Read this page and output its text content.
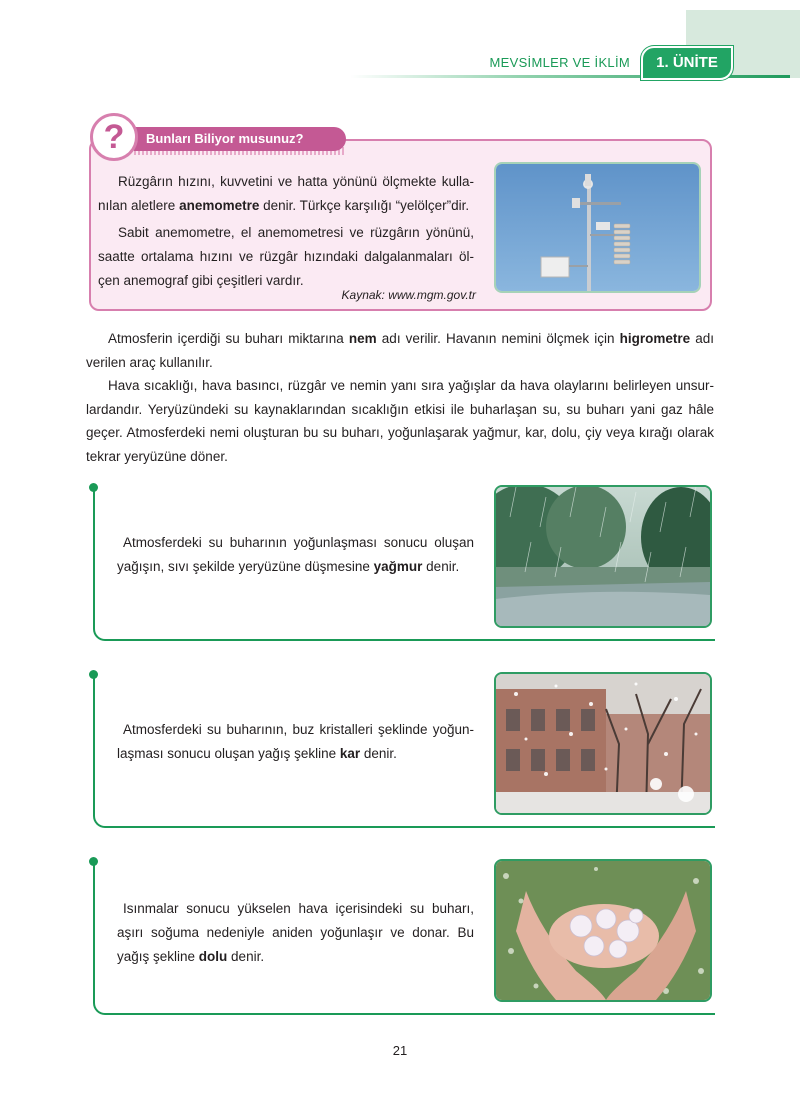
MEVSİMLER VE İKLİM	1. ÜNİTE
Bunları Biliyor musunuz?
?

Rüzgârın hızını, kuvvetini ve hatta yönünü ölçmekte kulla-nılan aletlere anemometre denir. Türkçe karşılığı “yelölçer”dir.

Sabit anemometre, el anemometresi ve rüzgârın yönünü, saatte ortalama hızını ve rüzgâr hızındaki dalgalanmaları öl-çen anemograf gibi çeşitleri vardır.

Kaynak: www.mgm.gov.tr

Atmosferin içerdiği su buharı miktarına nem adı verilir. Havanın nemini ölçmek için higrometre adı verilen araç kullanılır.

Hava sıcaklığı, hava basıncı, rüzgâr ve nemin yanı sıra yağışlar da hava olaylarını belirleyen unsur-lardandır. Yeryüzündeki su kaynaklarından sıcaklığın etkisi ile buharlaşan su, su buharı yani gaz hâle geçer. Atmosferdeki nemi oluşturan bu su buharı, yoğunlaşarak yağmur, kar, dolu, çiy veya kırağı olarak tekrar yeryüzüne döner.

Atmosferdeki su buharının yoğunlaşması sonucu oluşan yağışın, sıvı şekilde yeryüzüne düşmesine yağmur denir.

Atmosferdeki su buharının, buz kristalleri şeklinde yoğun-laşması sonucu oluşan yağış şekline kar denir.

Isınmalar sonucu yükselen hava içerisindeki su buharı, aşırı soğuma nedeniyle aniden yoğunlaşır ve donar. Bu yağış şekline dolu denir.

21
